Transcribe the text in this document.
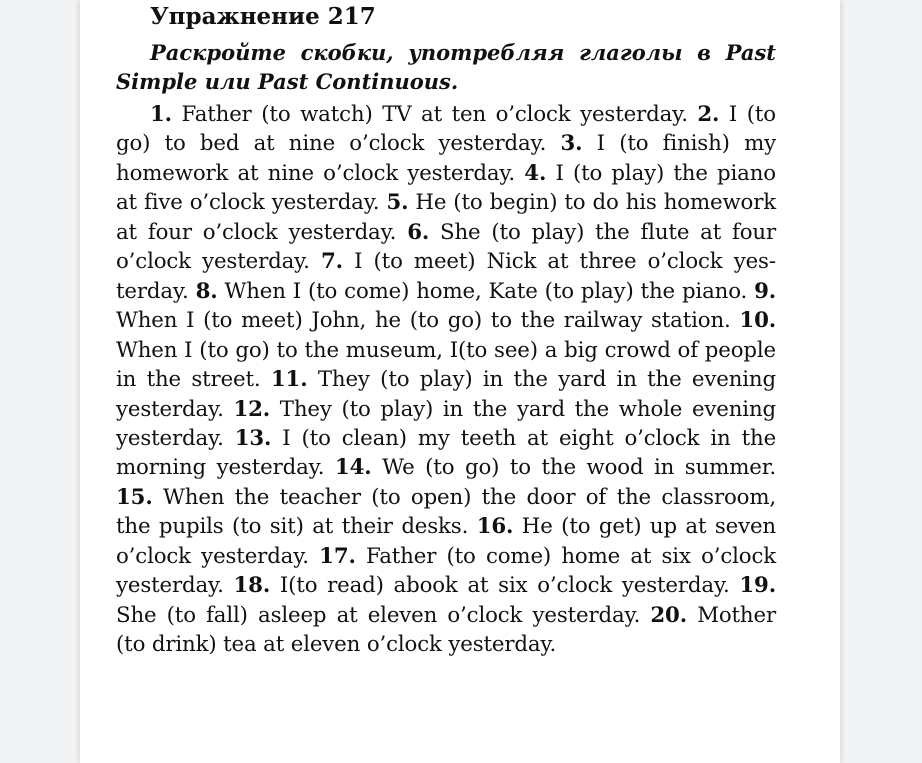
Упражнение 217

Раскройте скобки, употребляя глаголы в Past Simple или Past Continuous.

1. Father (to watch) TV at ten o’clock yesterday. 2. I (to go) to bed at nine o’clock yesterday. 3. I (to finish) my homework at nine o’clock yesterday. 4. I (to play) the piano at five o’clock yesterday. 5. He (to begin) to do his homework at four o’clock yesterday. 6. She (to play) the flute at four o’clock yesterday. 7. I (to meet) Nick at three o’clock yesterday. 8. When I (to come) home, Kate (to play) the piano. 9. When I (to meet) John, he (to go) to the railway station. 10. When I (to go) to the museum, I(to see) a big crowd of people in the street. 11. They (to play) in the yard in the evening yesterday. 12. They (to play) in the yard the whole evening yesterday. 13. I (to clean) my teeth at eight o’clock in the morning yesterday. 14. We (to go) to the wood in summer. 15. When the teacher (to open) the door of the classroom, the pupils (to sit) at their desks. 16. He (to get) up at seven o’clock yesterday. 17. Father (to come) home at six o’clock yesterday. 18. I(to read) abook at six o’clock yesterday. 19. She (to fall) asleep at eleven o’clock yesterday. 20. Mother (to drink) tea at eleven o’clock yesterday.
